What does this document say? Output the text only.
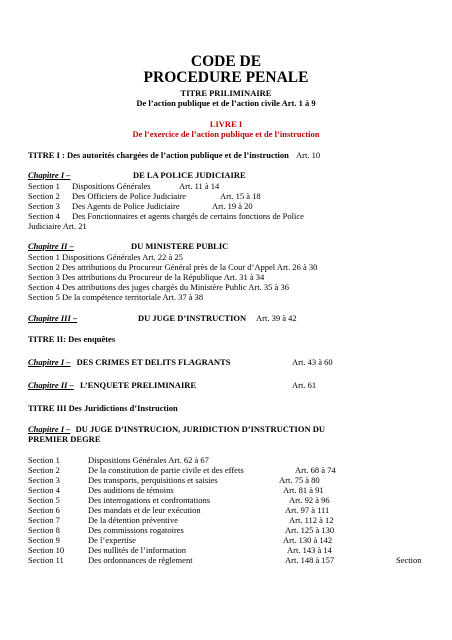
CODE DE
PROCEDURE PENALE
TITRE PRILIMINAIRE
De l’action publique et de l’action civile Art. 1 à 9
LIVRE I
De l’exercice de l’action publique et de l’instruction
TITRE I : Des autorités chargées de l’action publique et de l’instruction Art. 10
Chapitre I –	DE LA POLICE JUDICIAIRE
Section 1 Dispositions Générales	Art. 11 à 14
Section 2 Des Officiers de Police Judiciaire	Art. 15 à 18
Section 3 Des Agents de Police Judiciaire	Art. 19 à 20
Section 4 Des Fonctionnaires et agents chargés de certains fonctions de Police
Judiciaire Art. 21
Chapitre II –	DU MINISTERE PUBLIC
Section 1 Dispositions Générales Art. 22 à 25
Section 2 Des attributions du Procureur Général près de la Cour d’Appel Art. 26 à 30
Section 3 Des attributions du Procureur de la République Art. 31 à 34
Section 4 Des attributions des juges chargés du Ministère Public Art. 35 à 36
Section 5 De la compétence territoriale Art. 37 à 38
Chapitre III –	DU JUGE D’INSTRUCTION Art. 39 à 42
TITRE II: Des enquêtes
Chapitre I – DES CRIMES ET DELITS FLAGRANTS	Art. 43 à 60
Chapitre II – L’ENQUETE PRELIMINAIRE	Art. 61
TITRE III Des Juridictions d’Instruction
Chapitre I – DU JUGE D’INSTRUCION, JURIDICTION D’INSTRUCTION DU
PREMIER DEGRE
Section 1	Dispositions Générales Art. 62 à 67
Section 2	De la constitution de partie civile et des effets	Art. 68 à 74
Section 3	Des transports, perquisitions et saisies	Art. 75 à 80
Section 4	Des auditions de témoins	Art. 81 à 91
Section 5	Des interrogations et confrontations	Art. 92 à 96
Section 6	Des mandats et de leur exécution	Art. 97 à 111
Section 7	De la détention préventive	Art. 112 à 12
Section 8	Des commissions rogatoires	Art. 125 à 130
Section 9	De l’expertise	Art. 130 à 142
Section 10	Des nullités de l’information	Art. 143 à 14
Section 11	Des ordonnances de règlement	Art. 148 à 157	Section
